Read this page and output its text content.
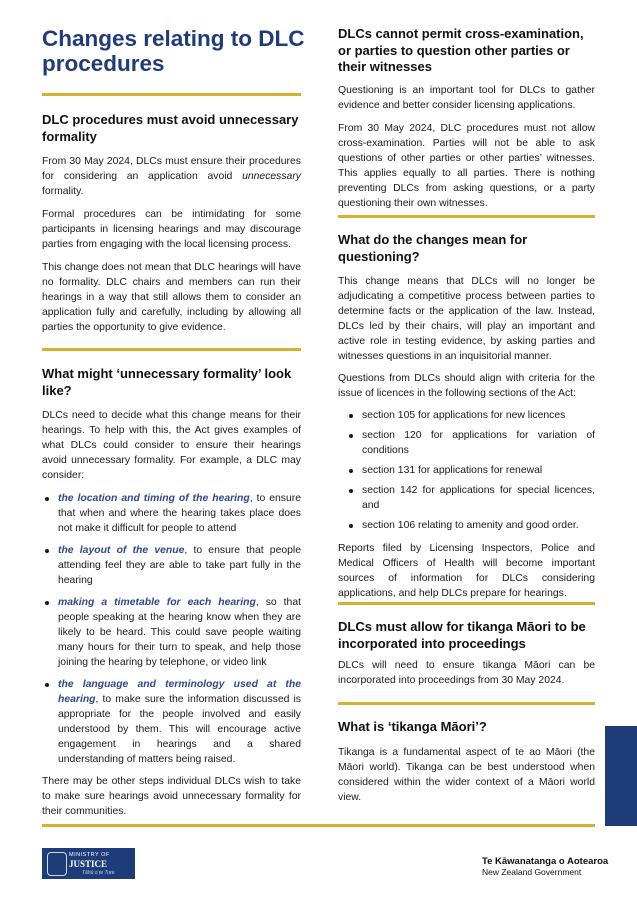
Changes relating to DLC procedures
DLC procedures must avoid unnecessary formality

From 30 May 2024, DLCs must ensure their procedures for considering an application avoid unnecessary formality.

Formal procedures can be intimidating for some participants in licensing hearings and may discourage parties from engaging with the local licensing process.

This change does not mean that DLC hearings will have no formality. DLC chairs and members can run their hearings in a way that still allows them to consider an application fully and carefully, including by allowing all parties the opportunity to give evidence.

What might ‘unnecessary formality’ look like?

DLCs need to decide what this change means for their hearings. To help with this, the Act gives examples of what DLCs could consider to ensure their hearings avoid unnecessary formality. For example, a DLC may consider:

the location and timing of the hearing, to ensure that when and where the hearing takes place does not make it difficult for people to attend
the layout of the venue, to ensure that people attending feel they are able to take part fully in the hearing
making a timetable for each hearing, so that people speaking at the hearing know when they are likely to be heard. This could save people waiting many hours for their turn to speak, and help those joining the hearing by telephone, or video link
the language and terminology used at the hearing, to make sure the information discussed is appropriate for the people involved and easily understood by them. This will encourage active engagement in hearings and a shared understanding of matters being raised.

There may be other steps individual DLCs wish to take to make sure hearings avoid unnecessary formality for their communities.

DLCs cannot permit cross-examination, or parties to question other parties or their witnesses

Questioning is an important tool for DLCs to gather evidence and better consider licensing applications.

From 30 May 2024, DLC procedures must not allow cross-examination. Parties will not be able to ask questions of other parties or other parties’ witnesses. This applies equally to all parties. There is nothing preventing DLCs from asking questions, or a party questioning their own witnesses.

What do the changes mean for questioning?

This change means that DLCs will no longer be adjudicating a competitive process between parties to determine facts or the application of the law. Instead, DLCs led by their chairs, will play an important and active role in testing evidence, by asking parties and witnesses questions in an inquisitorial manner.

Questions from DLCs should align with criteria for the issue of licences in the following sections of the Act:

section 105 for applications for new licences
section 120 for applications for variation of conditions
section 131 for applications for renewal
section 142 for applications for special licences, and
section 106 relating to amenity and good order.

Reports filed by Licensing Inspectors, Police and Medical Officers of Health will become important sources of information for DLCs considering applications, and help DLCs prepare for hearings.

DLCs must allow for tikanga Māori to be incorporated into proceedings

DLCs will need to ensure tikanga Māori can be incorporated into proceedings from 30 May 2024.

What is ‘tikanga Māori’?

Tikanga is a fundamental aspect of te ao Māori (the Māori world). Tikanga can be best understood when considered within the wider context of a Māori world view.

MINISTRY OF
JUSTICE
Tāhū o te Ture
Te Kāwanatanga o Aotearoa
New Zealand Government
